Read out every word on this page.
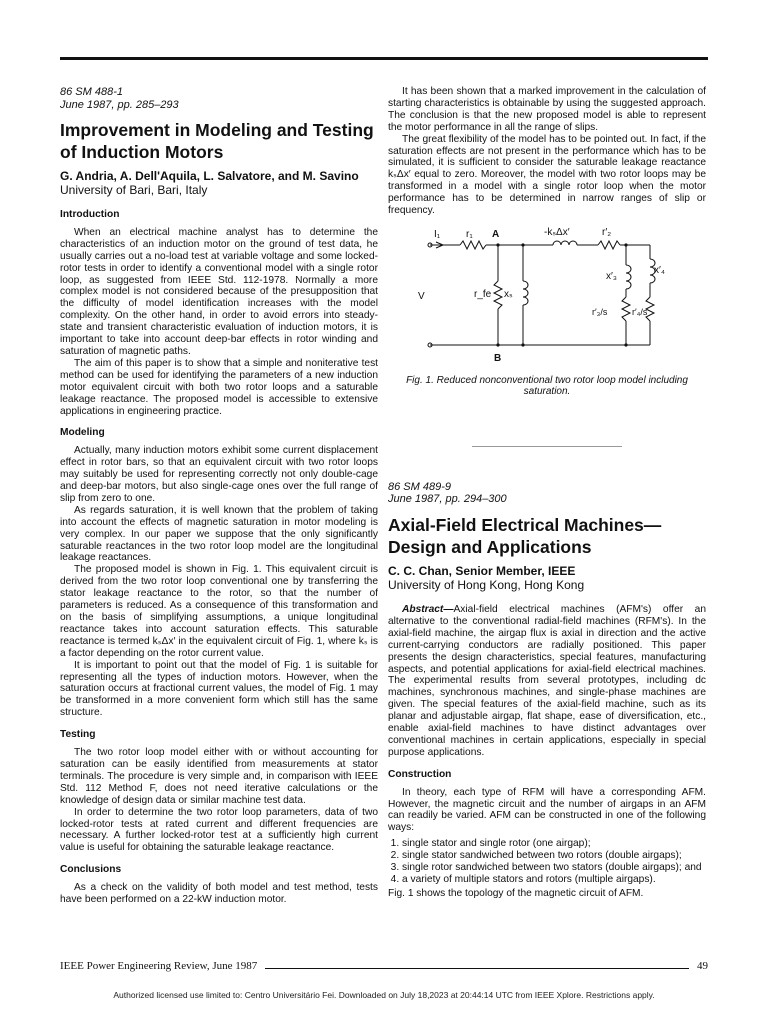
86 SM 488-1
June 1987, pp. 285–293
Improvement in Modeling and Testing of Induction Motors
G. Andria, A. Dell'Aquila, L. Salvatore, and M. Savino
University of Bari, Bari, Italy
Introduction

When an electrical machine analyst has to determine the characteristics of an induction motor on the ground of test data, he usually carries out a no-load test at variable voltage and some locked-rotor tests in order to identify a conventional model with a single rotor loop, as suggested from IEEE Std. 112-1978. Normally a more complex model is not considered because of the presupposition that the difficulty of model identification increases with the model complexity. On the other hand, in order to avoid errors into steady-state and transient characteristic evaluation of induction motors, it is important to take into account deep-bar effects in rotor winding and saturation of magnetic paths.

The aim of this paper is to show that a simple and noniterative test method can be used for identifying the parameters of a new induction motor equivalent circuit with both two rotor loops and a saturable leakage reactance. The proposed model is accessible to extensive applications in engineering practice.

Modeling

Actually, many induction motors exhibit some current displacement effect in rotor bars, so that an equivalent circuit with two rotor loops may suitably be used for representing correctly not only double-cage and deep-bar motors, but also single-cage ones over the full range of slip from zero to one.

As regards saturation, it is well known that the problem of taking into account the effects of magnetic saturation in motor modeling is very complex. In our paper we suppose that the only significantly saturable reactances in the two rotor loop model are the longitudinal leakage reactances.

The proposed model is shown in Fig. 1. This equivalent circuit is derived from the two rotor loop conventional one by transferring the stator leakage reactance to the rotor, so that the number of parameters is reduced. As a consequence of this transformation and on the basis of simplifying assumptions, a unique longitudinal reactance takes into account saturation effects. This saturable reactance is termed kₛΔx′ in the equivalent circuit of Fig. 1, where kₛ is a factor depending on the rotor current value.

It is important to point out that the model of Fig. 1 is suitable for representing all the types of induction motors. However, when the saturation occurs at fractional current values, the model of Fig. 1 may be transformed in a more convenient form which still has the same structure.

Testing

The two rotor loop model either with or without accounting for saturation can be easily identified from measurements at stator terminals. The procedure is very simple and, in comparison with IEEE Std. 112 Method F, does not need iterative calculations or the knowledge of design data or similar machine test data.

In order to determine the two rotor loop parameters, data of two locked-rotor tests at rated current and different frequencies are necessary. A further locked-rotor test at a sufficiently high current value is useful for obtaining the saturable leakage reactance.

Conclusions

As a check on the validity of both model and test method, tests have been performed on a 22-kW induction motor.

It has been shown that a marked improvement in the calculation of starting characteristics is obtainable by using the suggested approach. The conclusion is that the new proposed model is able to represent the motor performance in all the range of slips.

The great flexibility of the model has to be pointed out. In fact, if the saturation effects are not present in the performance which has to be simulated, it is sufficient to consider the saturable leakage reactance kₛΔx′ equal to zero. Moreover, the model with two rotor loops may be transformed in a model with a single rotor loop when the motor performance has to be determined in narrow ranges of slip or frequency.

I₁	r₁ A	-kₛΔx′	r′₂
V	r_fe xₛ
x′₃
x′₄
r′₃/s	r′₄/s
B
Fig. 1. Reduced nonconventional two rotor loop model including saturation.
86 SM 489-9
June 1987, pp. 294–300
Axial-Field Electrical Machines—Design and Applications
C. C. Chan, Senior Member, IEEE
University of Hong Kong, Hong Kong

Abstract—Axial-field electrical machines (AFM's) offer an alternative to the conventional radial-field machines (RFM's). In the axial-field machine, the airgap flux is axial in direction and the active current-carrying conductors are radially positioned. This paper presents the design characteristics, special features, manufacturing aspects, and potential applications for axial-field electrical machines. The experimental results from several prototypes, including dc machines, synchronous machines, and single-phase machines are given. The special features of the axial-field machine, such as its planar and adjustable airgap, flat shape, ease of diversification, etc., enable axial-field machines to have distinct advantages over conventional machines in certain applications, especially in special purpose applications.

Construction

In theory, each type of RFM will have a corresponding AFM. However, the magnetic circuit and the number of airgaps in an AFM can readily be varied. AFM can be constructed in one of the following ways:

1. single stator and single rotor (one airgap);
2. single stator sandwiched between two rotors (double airgaps);
3. single rotor sandwiched between two stators (double airgaps); and
4. a variety of multiple stators and rotors (multiple airgaps).

Fig. 1 shows the topology of the magnetic circuit of AFM.

IEEE Power Engineering Review, June 1987	49
Authorized licensed use limited to: Centro Universitário Fei. Downloaded on July 18,2023 at 20:44:14 UTC from IEEE Xplore. Restrictions apply.
